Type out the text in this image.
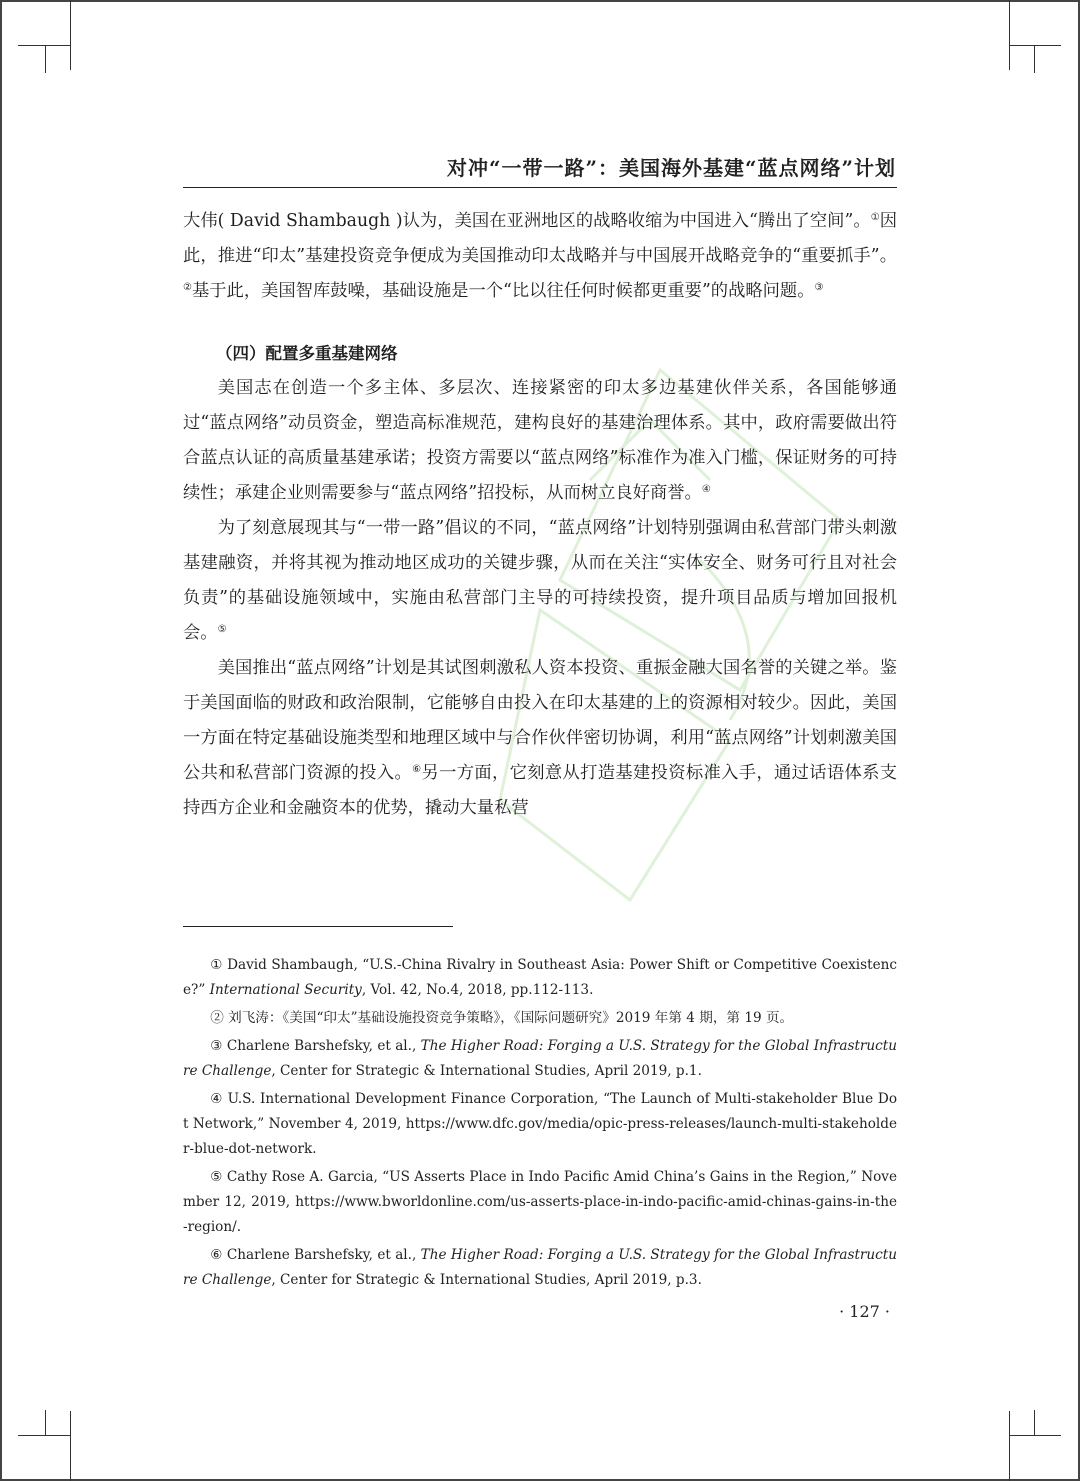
对冲“一带一路”：美国海外基建“蓝点网络”计划

大伟( David Shambaugh )认为，美国在亚洲地区的战略收缩为中国进入“腾出了空间”。①因此，推进“印太”基建投资竞争便成为美国推动印太战略并与中国展开战略竞争的“重要抓手”。②基于此，美国智库鼓噪，基础设施是一个“比以往任何时候都更重要”的战略问题。③

（四）配置多重基建网络

美国志在创造一个多主体、多层次、连接紧密的印太多边基建伙伴关系，各国能够通过“蓝点网络”动员资金，塑造高标准规范，建构良好的基建治理体系。其中，政府需要做出符合蓝点认证的高质量基建承诺；投资方需要以“蓝点网络”标准作为准入门槛，保证财务的可持续性；承建企业则需要参与“蓝点网络”招投标，从而树立良好商誉。④

为了刻意展现其与“一带一路”倡议的不同，“蓝点网络”计划特别强调由私营部门带头刺激基建融资，并将其视为推动地区成功的关键步骤，从而在关注“实体安全、财务可行且对社会负责”的基础设施领域中，实施由私营部门主导的可持续投资，提升项目品质与增加回报机会。⑤

美国推出“蓝点网络”计划是其试图刺激私人资本投资、重振金融大国名誉的关键之举。鉴于美国面临的财政和政治限制，它能够自由投入在印太基建的上的资源相对较少。因此，美国一方面在特定基础设施类型和地理区域中与合作伙伴密切协调，利用“蓝点网络”计划刺激美国公共和私营部门资源的投入。⑥另一方面，它刻意从打造基建投资标准入手，通过话语体系支持西方企业和金融资本的优势，撬动大量私营

① David Shambaugh, “U.S.-China Rivalry in Southeast Asia: Power Shift or Competitive Coexistence?” International Security, Vol. 42, No.4, 2018, pp.112-113.

② 刘飞涛：《美国“印太”基础设施投资竞争策略》，《国际问题研究》2019 年第 4 期，第 19 页。

③ Charlene Barshefsky, et al., The Higher Road: Forging a U.S. Strategy for the Global Infrastructure Challenge, Center for Strategic & International Studies, April 2019, p.1.

④ U.S. International Development Finance Corporation, “The Launch of Multi-stakeholder Blue Dot Network,” November 4, 2019, https://www.dfc.gov/media/opic-press-releases/launch-multi-stakeholder-blue-dot-network.

⑤ Cathy Rose A. Garcia, “US Asserts Place in Indo Pacific Amid China’s Gains in the Region,” November 12, 2019, https://www.bworldonline.com/us-asserts-place-in-indo-pacific-amid-chinas-gains-in-the-region/.

⑥ Charlene Barshefsky, et al., The Higher Road: Forging a U.S. Strategy for the Global Infrastructure Challenge, Center for Strategic & International Studies, April 2019, p.3.

· 127 ·
